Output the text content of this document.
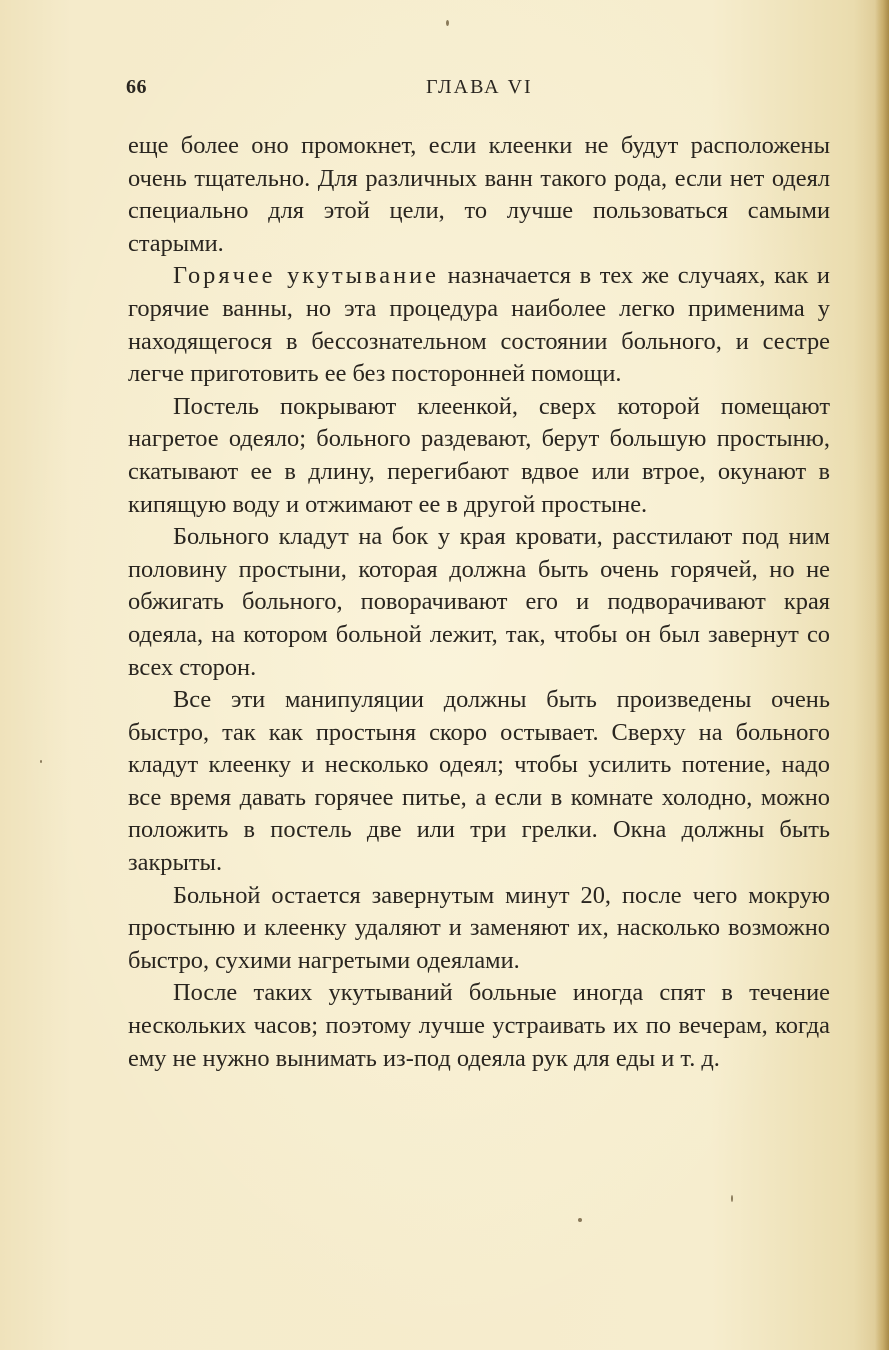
66	ГЛАВА VI

еще более оно промокнет, если клеенки не будут расположены очень тщательно. Для различных ванн такого рода, если нет одеял специально для этой цели, то лучше пользоваться самыми старыми.

Горячее укутывание назначается в тех же случаях, как и горячие ванны, но эта процедура наиболее легко применима у находящегося в бессознательном состоянии больного, и сестре легче приготовить ее без посторонней помощи.

Постель покрывают клеенкой, сверх которой помещают нагретое одеяло; больного раздевают, берут большую простыню, скатывают ее в длину, перегибают вдвое или втрое, окунают в кипящую воду и отжимают ее в другой простыне.

Больного кладут на бок у края кровати, расстилают под ним половину простыни, которая должна быть очень горячей, но не обжигать больного, поворачивают его и подворачивают края одеяла, на котором больной лежит, так, чтобы он был завернут со всех сторон.

Все эти манипуляции должны быть произведены очень быстро, так как простыня скоро остывает. Сверху на больного кладут клеенку и несколько одеял; чтобы усилить потение, надо все время давать горячее питье, а если в комнате холодно, можно положить в постель две или три грелки. Окна должны быть закрыты.

Больной остается завернутым минут 20, после чего мокрую простыню и клеенку удаляют и заменяют их, насколько возможно быстро, сухими нагретыми одеялами.

После таких укутываний больные иногда спят в течение нескольких часов; поэтому лучше устраивать их по вечерам, когда ему не нужно вынимать из-под одеяла рук для еды и т. д.
